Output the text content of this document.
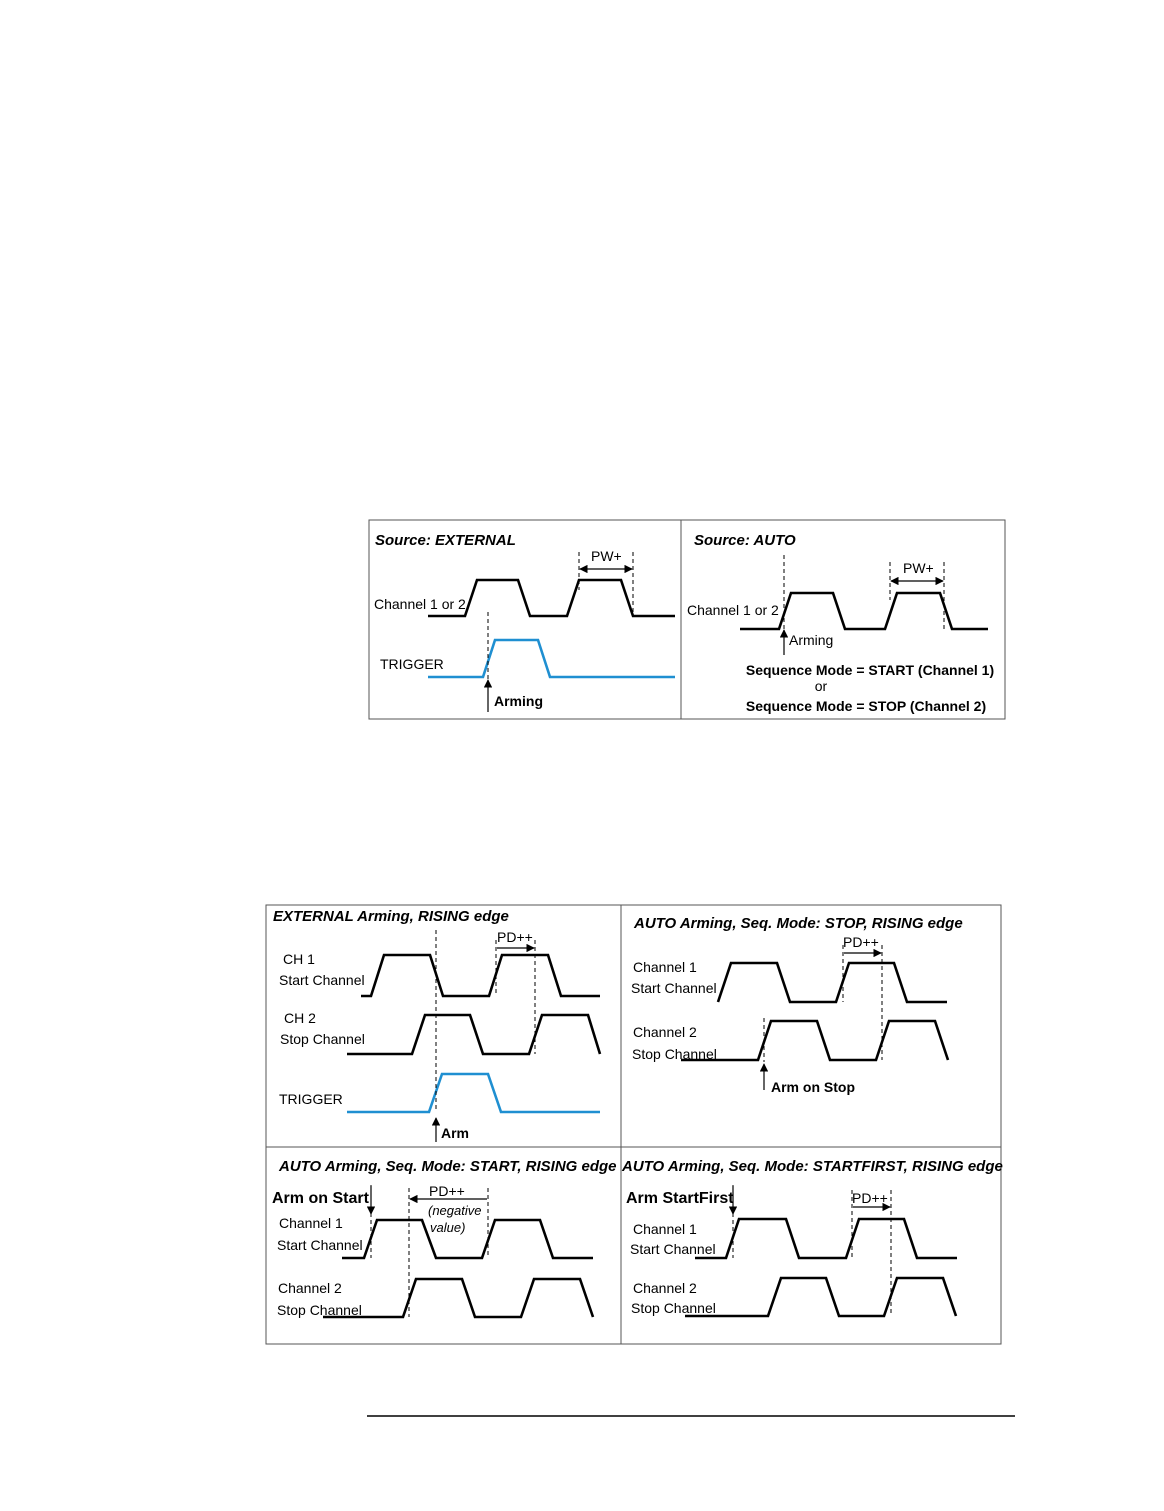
Source: EXTERNAL
Channel 1 or 2
PW+
TRIGGER
Arming
Source: AUTO
Channel 1 or 2
Arming
PW+
Sequence Mode = START (Channel 1)
or
Sequence Mode = STOP (Channel 2)
EXTERNAL Arming, RISING edge
CH 1
Start Channel
CH 2
Stop Channel
TRIGGER
Arm
PD++
AUTO Arming, Seq. Mode: STOP, RISING edge
Channel 1
Start Channel
Channel 2
Stop Channel
Arm on Stop
PD++
AUTO Arming, Seq. Mode: START, RISING edge
Arm on Start
Channel 1
Start Channel
Channel 2
Stop Channel
PD++
(negative
value)
AUTO Arming, Seq. Mode: STARTFIRST, RISING edge
Arm StartFirst
Channel 1
Start Channel
Channel 2
Stop Channel
PD++
